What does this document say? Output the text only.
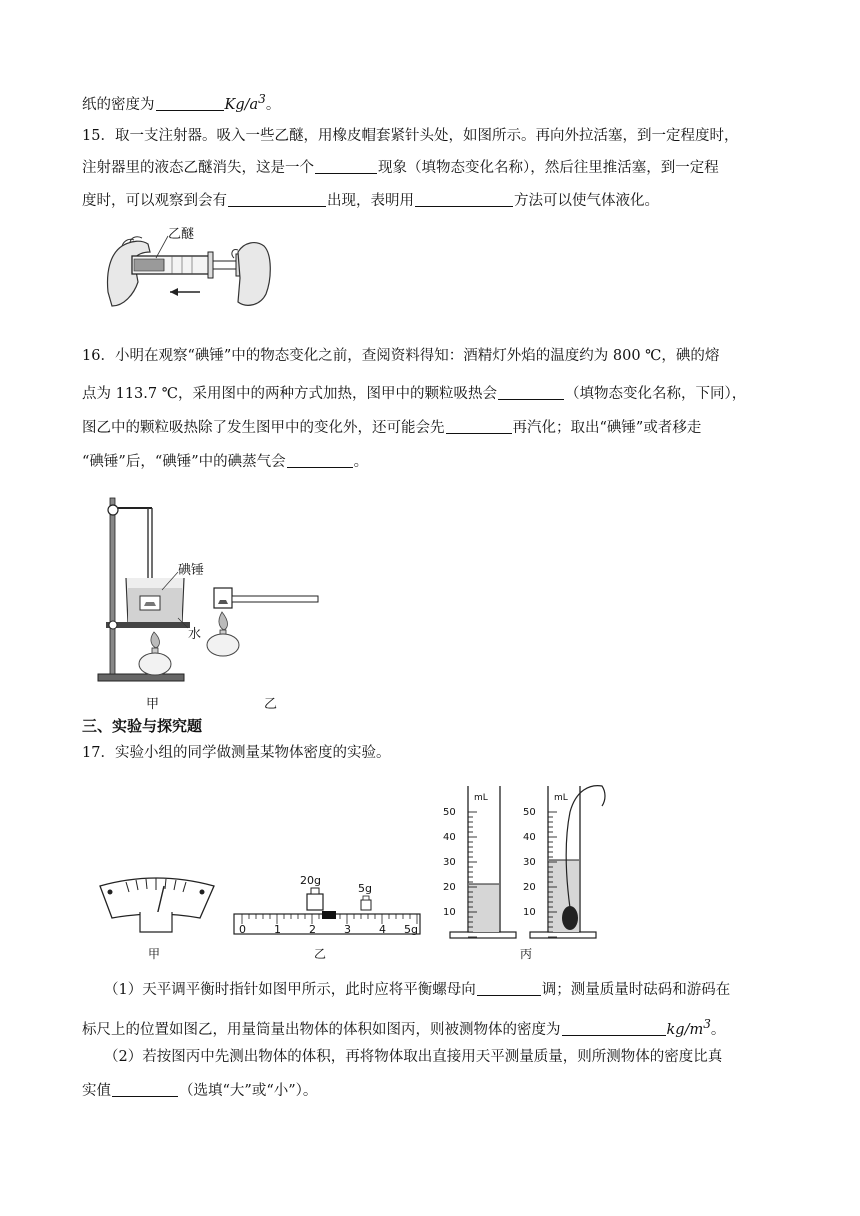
纸的密度为	$Kg/a^3$。
15．取一支注射器。吸入一些乙醚，用橡皮帽套紧针头处，如图所示。再向外拉活塞，到一定程度时，
注射器里的液态乙醚消失，这是一个	现象（填物态变化名称），然后往里推活塞，到一定程
度时，可以观察到会有	出现，表明用	方法可以使气体液化。
乙醚
16．小明在观察“碘锤”中的物态变化之前，查阅资料得知：酒精灯外焰的温度约为 800 ℃，碘的熔
点为 113.7 ℃，采用图中的两种方式加热，图甲中的颗粒吸热会	（填物态变化名称，下同），
图乙中的颗粒吸热除了发生图甲中的变化外，还可能会先	再汽化；取出“碘锤”或者移走
“碘锤”后，“碘锤”中的碘蒸气会	。
碘锤
水
甲	乙
三、实验与探究题
17．实验小组的同学做测量某物体密度的实验。
甲
0	1	2	3	4 5g
20g
5g
乙
mL
50
40
30
20
10
mL
50
40
30
20
10
丙
（1）天平调平衡时指针如图甲所示，此时应将平衡螺母向	调；测量质量时砝码和游码在
标尺上的位置如图乙，用量筒量出物体的体积如图丙，则被测物体的密度为	$kg/m^3$。
（2）若按图丙中先测出物体的体积，再将物体取出直接用天平测量质量，则所测物体的密度比真
实值	（选填“大”或“小”）。
